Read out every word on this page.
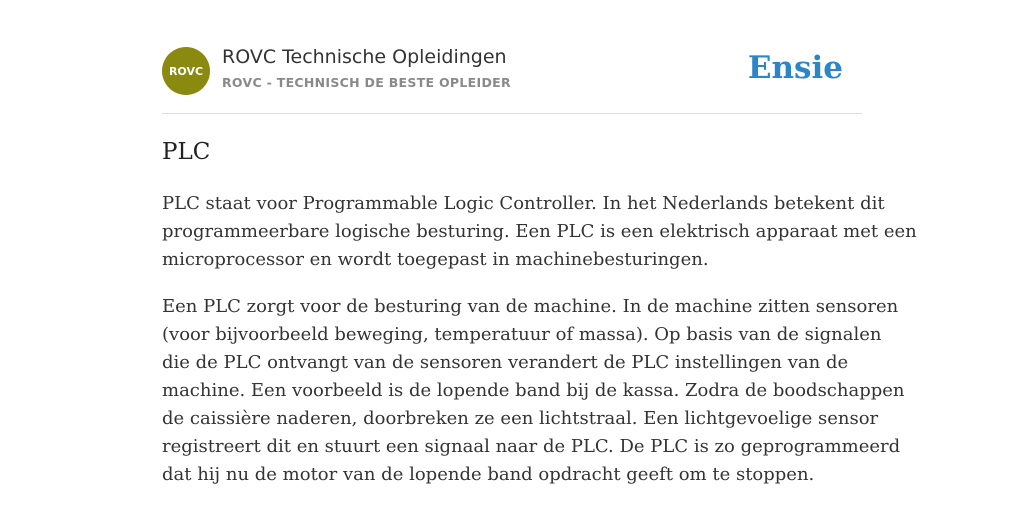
ROVC
ROVC Technische Opleidingen
ROVC - TECHNISCH DE BESTE OPLEIDER	Ensie
PLC

PLC staat voor Programmable Logic Controller. In het Nederlands betekent dit
programmeerbare logische besturing. Een PLC is een elektrisch apparaat met een
microprocessor en wordt toegepast in machinebesturingen.

Een PLC zorgt voor de besturing van de machine. In de machine zitten sensoren
(voor bijvoorbeeld beweging, temperatuur of massa). Op basis van de signalen
die de PLC ontvangt van de sensoren verandert de PLC instellingen van de
machine. Een voorbeeld is de lopende band bij de kassa. Zodra de boodschappen
de caissière naderen, doorbreken ze een lichtstraal. Een lichtgevoelige sensor
registreert dit en stuurt een signaal naar de PLC. De PLC is zo geprogrammeerd
dat hij nu de motor van de lopende band opdracht geeft om te stoppen.
